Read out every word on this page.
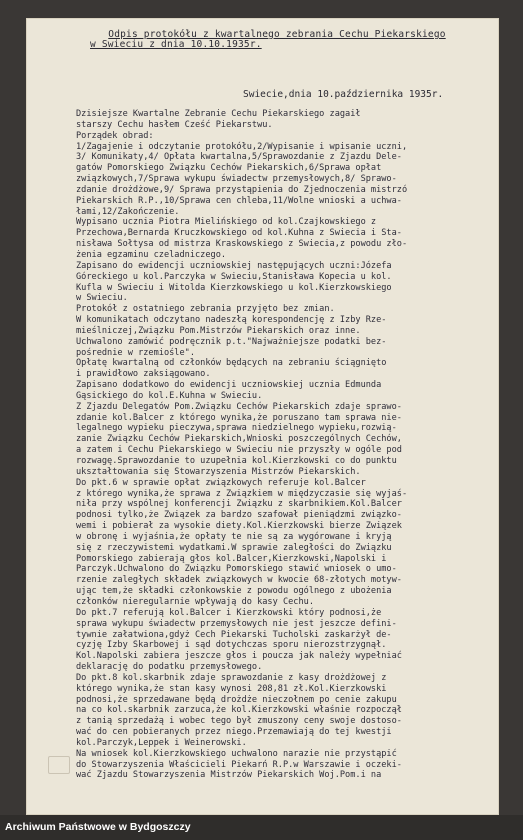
Odpis protokółu z kwartalnego zebrania Cechu Piekarskiego
w Swieciu z dnia 10.10.1935r.
Swiecie,dnia 10.października 1935r.
Dzisiejsze Kwartalne Zebranie Cechu Piekarskiego zagaił
starszy Cechu hasłem Cześć Piekarstwu.
Porządek obrad:
1/Zagajenie i odczytanie protokółu,2/Wypisanie i wpisanie uczni,
3/ Komunikaty,4/ Opłata kwartalna,5/Sprawozdanie z Zjazdu Dele-
gatów Pomorskiego Związku Cechów Piekarskich,6/Sprawa opłat
związkowych,7/Sprawa wykupu świadectw przemysłowych,8/ Sprawo-
zdanie drożdżowe,9/ Sprawa przystąpienia do Zjednoczenia mistrzó
Piekarskich R.P.,10/Sprawa cen chleba,11/Wolne wnioski a uchwa-
łami,12/Zakończenie.
Wypisano ucznia Piotra Mielińskiego od kol.Czajkowskiego z
Przechowa,Bernarda Kruczkowskiego od kol.Kuhna z Swiecia i Sta-
nisława Sołtysa od mistrza Kraskowskiego z Swiecia,z powodu zło-
żenia egzaminu czeladniczego.
Zapisano do ewidencji uczniowskiej następujących uczni:Józefa
Góreckiego u kol.Parczyka w Swieciu,Stanisława Kopecia u kol.
Kufla w Swieciu i Witolda Kierzkowskiego u kol.Kierzkowskiego
w Swieciu.
Protokół z ostatniego zebrania przyjęto bez zmian.
W komunikatach odczytano nadeszłą korespondencję z Izby Rze-
mieślniczej,Związku Pom.Mistrzów Piekarskich oraz inne.
Uchwalono zamówić podręcznik p.t."Najważniejsze podatki bez-
pośrednie w rzemiośle".
Opłatę kwartalną od członków będących na zebraniu ściągnięto
i prawidłowo zaksiągowano.
Zapisano dodatkowo do ewidencji uczniowskiej ucznia Edmunda
Gąsickiego do kol.E.Kuhna w Swieciu.
Z Zjazdu Delegatów Pom.Związku Cechów Piekarskich zdaje sprawo-
zdanie kol.Balcer z którego wynika,że poruszano tam sprawa nie-
legalnego wypieku pieczywa,sprawa niedzielnego wypieku,rozwią-
zanie Związku Cechów Piekarskich,Wnioski poszczególnych Cechów,
a zatem i Cechu Piekarskiego w Swieciu nie przyszły w ogóle pod
rozwagę.Sprawozdanie to uzupełnia kol.Kierzkowski co do punktu
ukształtowania się Stowarzyszenia Mistrzów Piekarskich.
Do pkt.6 w sprawie opłat związkowych referuje kol.Balcer
z którego wynika,że sprawa z Związkiem w międzyczasie się wyjaś-
niła przy wspólnej konferencji Związku z skarbnikiem.Kol.Balcer
podnosi tylko,że Związek za bardzo szafował pieniądzmi związko-
wemi i pobierał za wysokie diety.Kol.Kierzkowski bierze Związek
w obronę i wyjaśnia,że opłaty te nie są za wygórowane i kryją
się z rzeczywistemi wydatkami.W sprawie zaległości do Związku
Pomorskiego zabierają głos kol.Balcer,Kierzkowski,Napolski i
Parczyk.Uchwalono do Związku Pomorskiego stawić wniosek o umo-
rzenie zaległych składek związkowych w kwocie 68-złotych motyw-
ując tem,że składki członkowskie z powodu ogólnego z ubożenia
członków nieregularnie wpływają do kasy Cechu.
Do pkt.7 referują kol.Balcer i Kierzkowski który podnosi,że
sprawa wykupu świadectw przemysłowych nie jest jeszcze defini-
tywnie załatwiona,gdyż Cech Piekarski Tucholski zaskarżył de-
cyzję Izby Skarbowej i sąd dotychczas sporu nierozstrzygnął.
Kol.Napolski zabiera jeszcze głos i poucza jak należy wypełniać
deklarację do podatku przemysłowego.
Do pkt.8 kol.skarbnik zdaje sprawozdanie z kasy drożdżowej z
którego wynika,że stan kasy wynosi 208,81 zł.Kol.Kierzkowski
podnosi,że sprzedawane będą drożdże nieczołnem po cenie zakupu
na co kol.skarbnik zarzuca,że kol.Kierzkowski właśnie rozpoczął
z tanią sprzedażą i wobec tego był zmuszony ceny swoje dostoso-
wać do cen pobieranych przez niego.Przemawiają do tej kwestji
kol.Parczyk,Leppek i Weinerowski.
Na wniosek kol.Kierzkowskiego uchwalono narazie nie przystąpić
do Stowarzyszenia Właścicieli Piekarń R.P.w Warszawie i oczeki-
wać Zjazdu Stowarzyszenia Mistrzów Piekarskich Woj.Pom.i na
Archiwum Państwowe w Bydgoszczy
